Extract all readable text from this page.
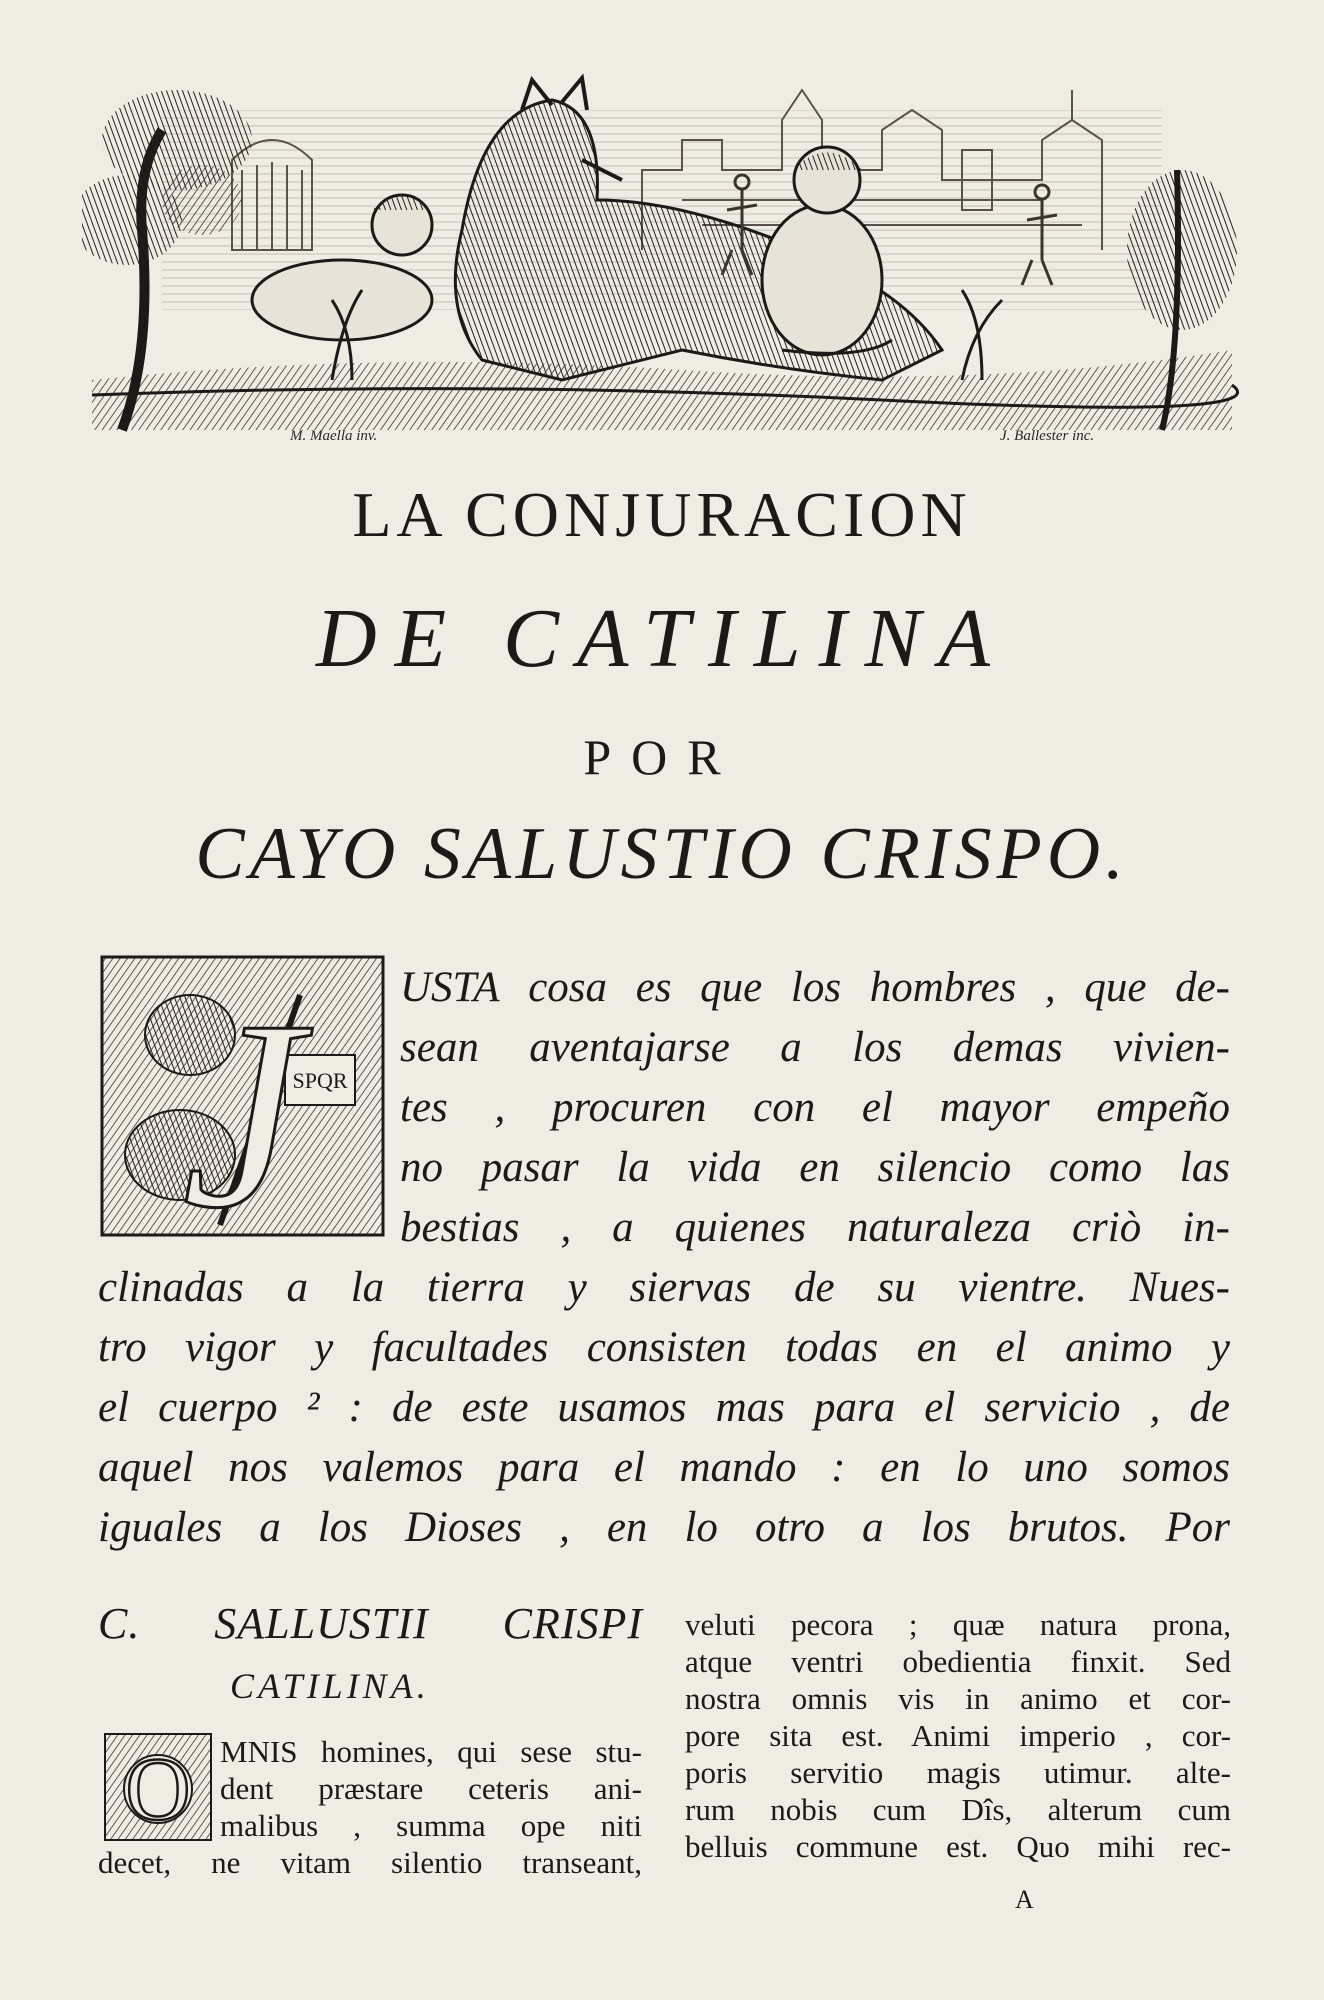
M. Maella inv.	J. Ballester inc.
LA CONJURACION
DE CATILINA
POR
CAYO SALUSTIO CRISPO.
SPQR
J USTA cosa es que los hombres , que de-
sean aventajarse a los demas vivien-
tes , procuren con el mayor empeño
no pasar la vida en silencio como las
bestias , a quienes naturaleza criò in-
clinadas a la tierra y siervas de su vientre. Nues-
tro vigor y facultades consisten todas en el animo y
el cuerpo ² : de este usamos mas para el servicio , de
aquel nos valemos para el mando : en lo uno somos
iguales a los Dioses , en lo otro a los brutos. Por
C. SALLUSTII CRISPI
CATILINA.
O MNIS homines, qui sese stu-
dent præstare ceteris ani-
malibus , summa ope niti
decet, ne vitam silentio transeant,
veluti pecora ; quæ natura prona,
atque ventri obedientia finxit. Sed
nostra omnis vis in animo et cor-
pore sita est. Animi imperio , cor-
poris servitio magis utimur. alte-
rum nobis cum Dîs, alterum cum
belluis commune est. Quo mihi rec-
A
